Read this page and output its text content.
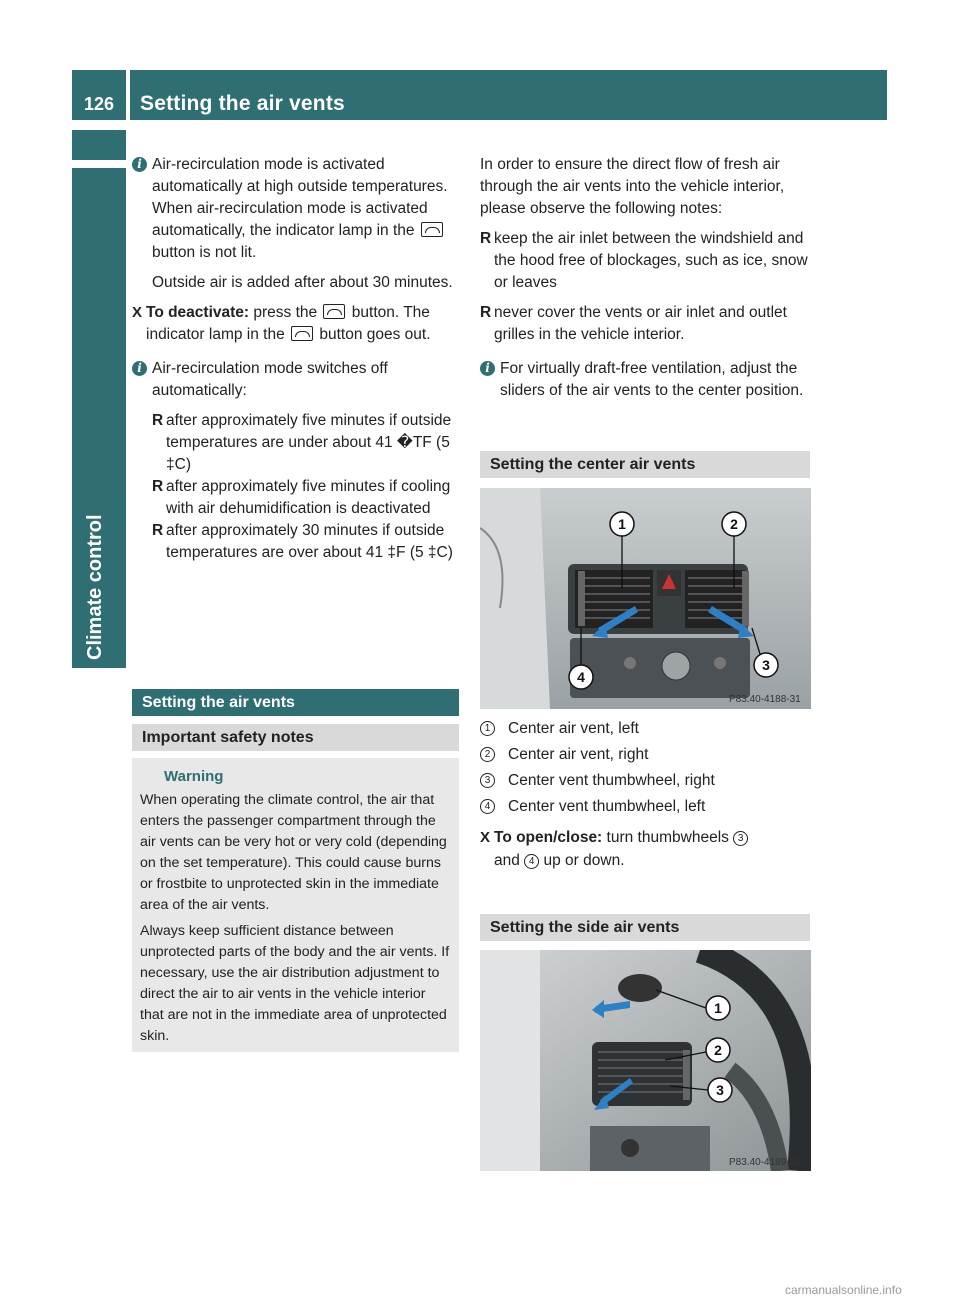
126 Setting the air vents
Climate control
i Air-recirculation mode is activated automatically at high outside temperatures. When air-recirculation mode is activated automatically, the indicator lamp in the  button is not lit.

Outside air is added after about 30 minutes.

X To deactivate: press the button. The indicator lamp in the button goes out.

i Air-recirculation mode switches off automatically:

R after approximately five minutes if outside temperatures are under about 41 �TF (5 ‡C)
R after approximately five minutes if cooling with air dehumidification is deactivated
R after approximately 30 minutes if outside temperatures are over about 41 ‡F (5 ‡C)
Setting the air vents
Important safety notes
Warning

When operating the climate control, the air that enters the passenger compartment through the air vents can be very hot or very cold (depending on the set temperature). This could cause burns or frostbite to unprotected skin in the immediate area of the air vents.

Always keep sufficient distance between unprotected parts of the body and the air vents. If necessary, use the air distribution adjustment to direct the air to air vents in the vehicle interior that are not in the immediate area of unprotected skin.

In order to ensure the direct flow of fresh air through the air vents into the vehicle interior, please observe the following notes:

R keep the air inlet between the windshield and the hood free of blockages, such as ice, snow or leaves
R never cover the vents or air inlet and outlet grilles in the vehicle interior.
i For virtually draft-free ventilation, adjust the sliders of the air vents to the center position.

Setting the center air vents
1	2
3
4
P83.40-4188-31
1	Center air vent, left
2	Center air vent, right
3	Center vent thumbwheel, right
4	Center vent thumbwheel, left
X To open/close: turn thumbwheels 3
and 4 up or down.

Setting the side air vents
1
2
3
P83.40-4189-31
carmanualsonline.info
